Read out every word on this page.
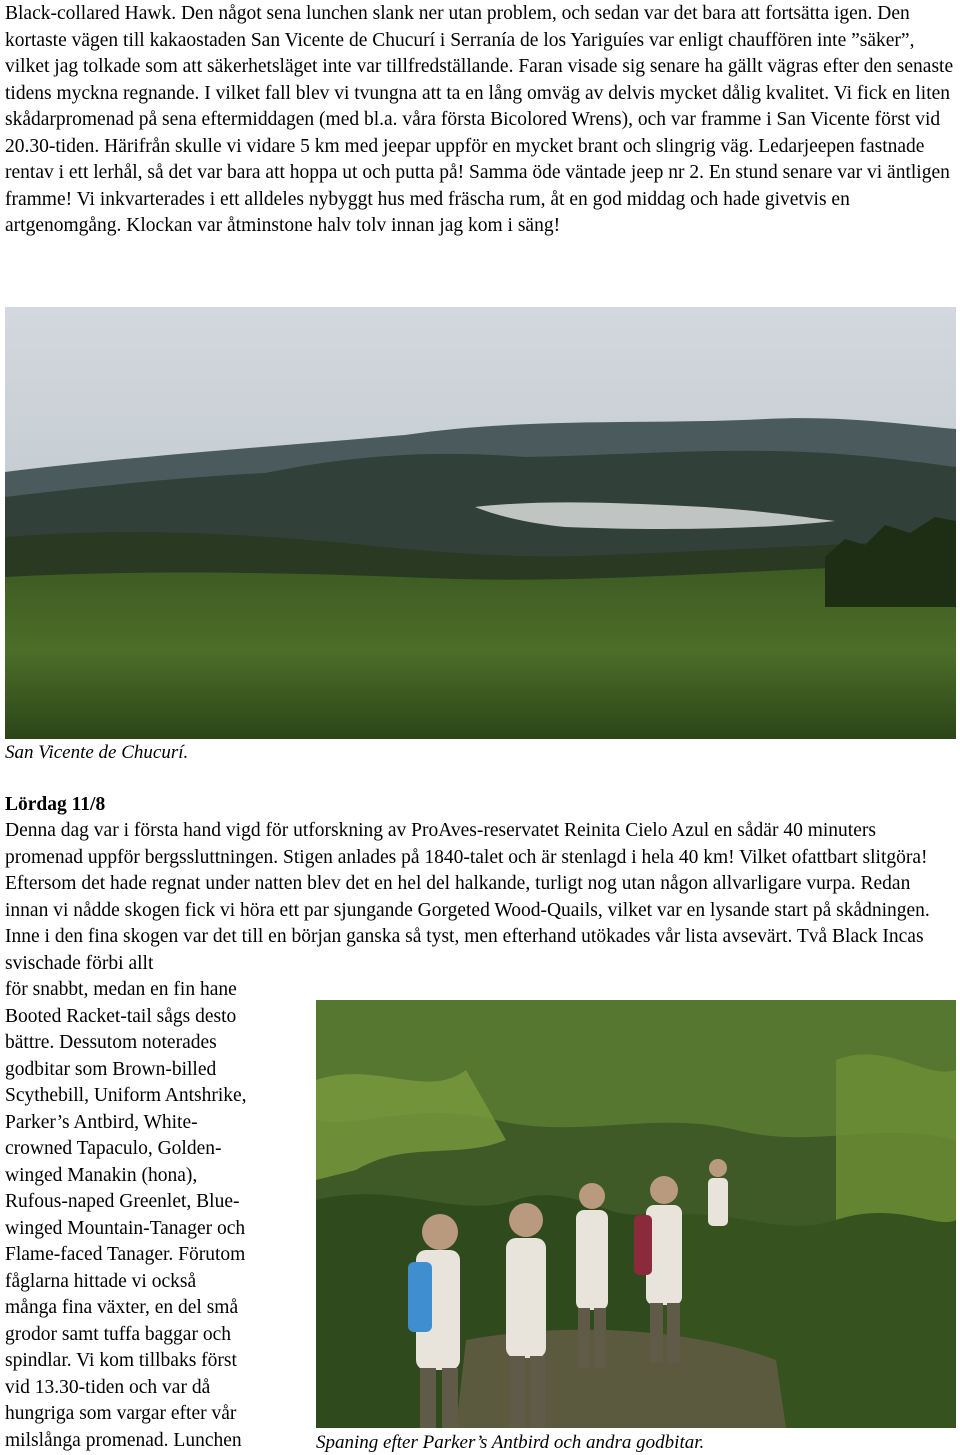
Black-collared Hawk. Den något sena lunchen slank ner utan problem, och sedan var det bara att fortsätta igen. Den kortaste vägen till kakaostaden San Vicente de Chucurí i Serranía de los Yariguíes var enligt chauffören inte ”säker”, vilket jag tolkade som att säkerhetsläget inte var tillfredställande. Faran visade sig senare ha gällt vägras efter den senaste tidens myckna regnande. I vilket fall blev vi tvungna att ta en lång omväg av delvis mycket dålig kvalitet. Vi fick en liten skådarpromenad på sena eftermiddagen (med bl.a. våra första Bicolored Wrens), och var framme i San Vicente först vid 20.30-tiden. Härifrån skulle vi vidare 5 km med jeepar uppför en mycket brant och slingrig väg. Ledarjeepen fastnade rentav i ett lerhål, så det var bara att hoppa ut och putta på! Samma öde väntade jeep nr 2. En stund senare var vi äntligen framme! Vi inkvarterades i ett alldeles nybyggt hus med fräscha rum, åt en god middag och hade givetvis en artgenomgång. Klockan var åtminstone halv tolv innan jag kom i säng!

San Vicente de Chucurí.
Lördag 11/8

Denna dag var i första hand vigd för utforskning av ProAves-reservatet Reinita Cielo Azul en sådär 40 minuters promenad uppför bergssluttningen. Stigen anlades på 1840-talet och är stenlagd i hela 40 km! Vilket ofattbart slitgöra! Eftersom det hade regnat under natten blev det en hel del halkande, turligt nog utan någon allvarligare vurpa. Redan innan vi nådde skogen fick vi höra ett par sjungande Gorgeted Wood-Quails, vilket var en lysande start på skådningen. Inne i den fina skogen var det till en början ganska så tyst, men efterhand utökades vår lista avsevärt. Två Black Incas svischade förbi allt

för snabbt, medan en fin hane
Booted Racket-tail sågs desto
bättre. Dessutom noterades
godbitar som Brown-billed
Scythebill, Uniform Antshrike,
Parker’s Antbird, White-
crowned Tapaculo, Golden-
winged Manakin (hona),
Rufous-naped Greenlet, Blue-
winged Mountain-Tanager och
Flame-faced Tanager. Förutom
fåglarna hittade vi också
många fina växter, en del små
grodor samt tuffa baggar och
spindlar. Vi kom tillbaks först
vid 13.30-tiden och var då
hungriga som vargar efter vår
milslånga promenad. Lunchen	Spaning efter Parker’s Antbird och andra godbitar.
